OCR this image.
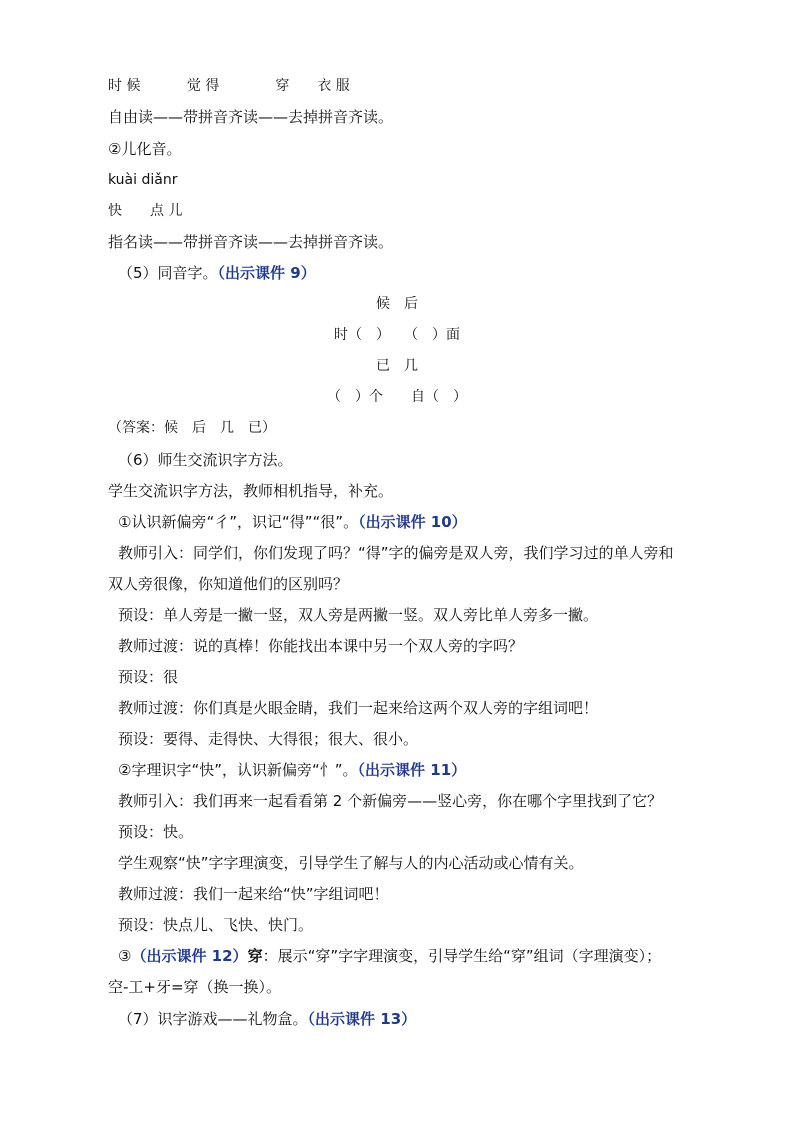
时 候　　　 觉 得　　　　穿　　衣 服
自由读——带拼音齐读——去掉拼音齐读。
②儿化音。
kuài diǎnr
快　　点 儿
指名读——带拼音齐读——去掉拼音齐读。
（5）同音字。（出示课件 9）
候　后
时（　）　　（　）面
已　几
（　）个　　自（　）
（答案：候　后　几　已）
（6）师生交流识字方法。
学生交流识字方法，教师相机指导，补充。
①认识新偏旁“彳”，识记“得”“很”。（出示课件 10）
教师引入：同学们，你们发现了吗？“得”字的偏旁是双人旁，我们学习过的单人旁和
双人旁很像，你知道他们的区别吗？
预设：单人旁是一撇一竖，双人旁是两撇一竖。双人旁比单人旁多一撇。
教师过渡：说的真棒！你能找出本课中另一个双人旁的字吗？
预设：很
教师过渡：你们真是火眼金睛，我们一起来给这两个双人旁的字组词吧！
预设：要得、走得快、大得很；很大、很小。
②字理识字“快”，认识新偏旁“忄”。（出示课件 11）
教师引入：我们再来一起看看第 2 个新偏旁——竖心旁，你在哪个字里找到了它？
预设：快。
学生观察“快”字字理演变，引导学生了解与人的内心活动或心情有关。
教师过渡：我们一起来给“快”字组词吧！
预设：快点儿、飞快、快门。
③（出示课件 12）穿：展示“穿”字字理演变，引导学生给“穿”组词（字理演变）；
空-工+牙=穿（换一换）。
（7）识字游戏——礼物盒。（出示课件 13）
